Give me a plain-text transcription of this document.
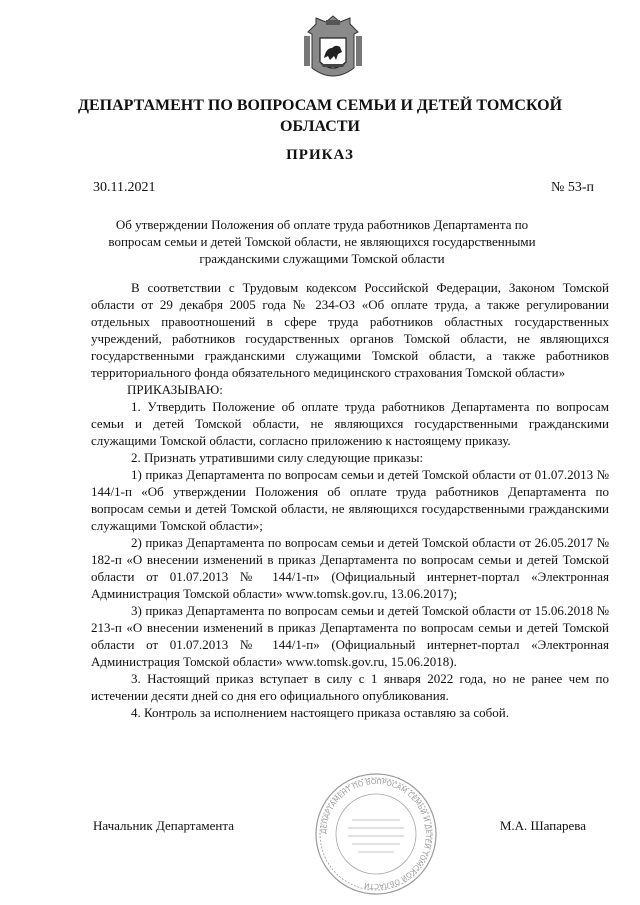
ДЕПАРТАМЕНТ ПО ВОПРОСАМ СЕМЬИ И ДЕТЕЙ ТОМСКОЙ ОБЛАСТИ
ПРИКАЗ
30.11.2021	№ 53-п
Об утверждении Положения об оплате труда работников Департамента по вопросам семьи и детей Томской области, не являющихся государственными гражданскими служащими Томской области

В соответствии с Трудовым кодексом Российской Федерации, Законом Томской области от 29 декабря 2005 года № 234-ОЗ «Об оплате труда, а также регулировании отдельных правоотношений в сфере труда работников областных государственных учреждений, работников государственных органов Томской области, не являющихся государственными гражданскими служащими Томской области, а также работников территориального фонда обязательного медицинского страхования Томской области»

ПРИКАЗЫВАЮ:

1. Утвердить Положение об оплате труда работников Департамента по вопросам семьи и детей Томской области, не являющихся государственными гражданскими служащими Томской области, согласно приложению к настоящему приказу.

2. Признать утратившими силу следующие приказы:

1) приказ Департамента по вопросам семьи и детей Томской области от 01.07.2013 № 144/1-п «Об утверждении Положения об оплате труда работников Департамента по вопросам семьи и детей Томской области, не являющихся государственными гражданскими служащими Томской области»;

2) приказ Департамента по вопросам семьи и детей Томской области от 26.05.2017 № 182-п «О внесении изменений в приказ Департамента по вопросам семьи и детей Томской области от 01.07.2013 № 144/1-п» (Официальный интернет-портал «Электронная Администрация Томской области» www.tomsk.gov.ru, 13.06.2017);

3) приказ Департамента по вопросам семьи и детей Томской области от 15.06.2018 № 213-п «О внесении изменений в приказ Департамента по вопросам семьи и детей Томской области от 01.07.2013 № 144/1-п» (Официальный интернет-портал «Электронная Администрация Томской области» www.tomsk.gov.ru, 15.06.2018).

3. Настоящий приказ вступает в силу с 1 января 2022 года, но не ранее чем по истечении десяти дней со дня его официального опубликования.

4. Контроль за исполнением настоящего приказа оставляю за собой.

ДЕПАРТАМЕНТ ПО ВОПРОСАМ СЕМЬИ И ДЕТЕЙ ТОМСКОЙ ОБЛАСТИ
Начальник Департамента	М.А. Шапарева
